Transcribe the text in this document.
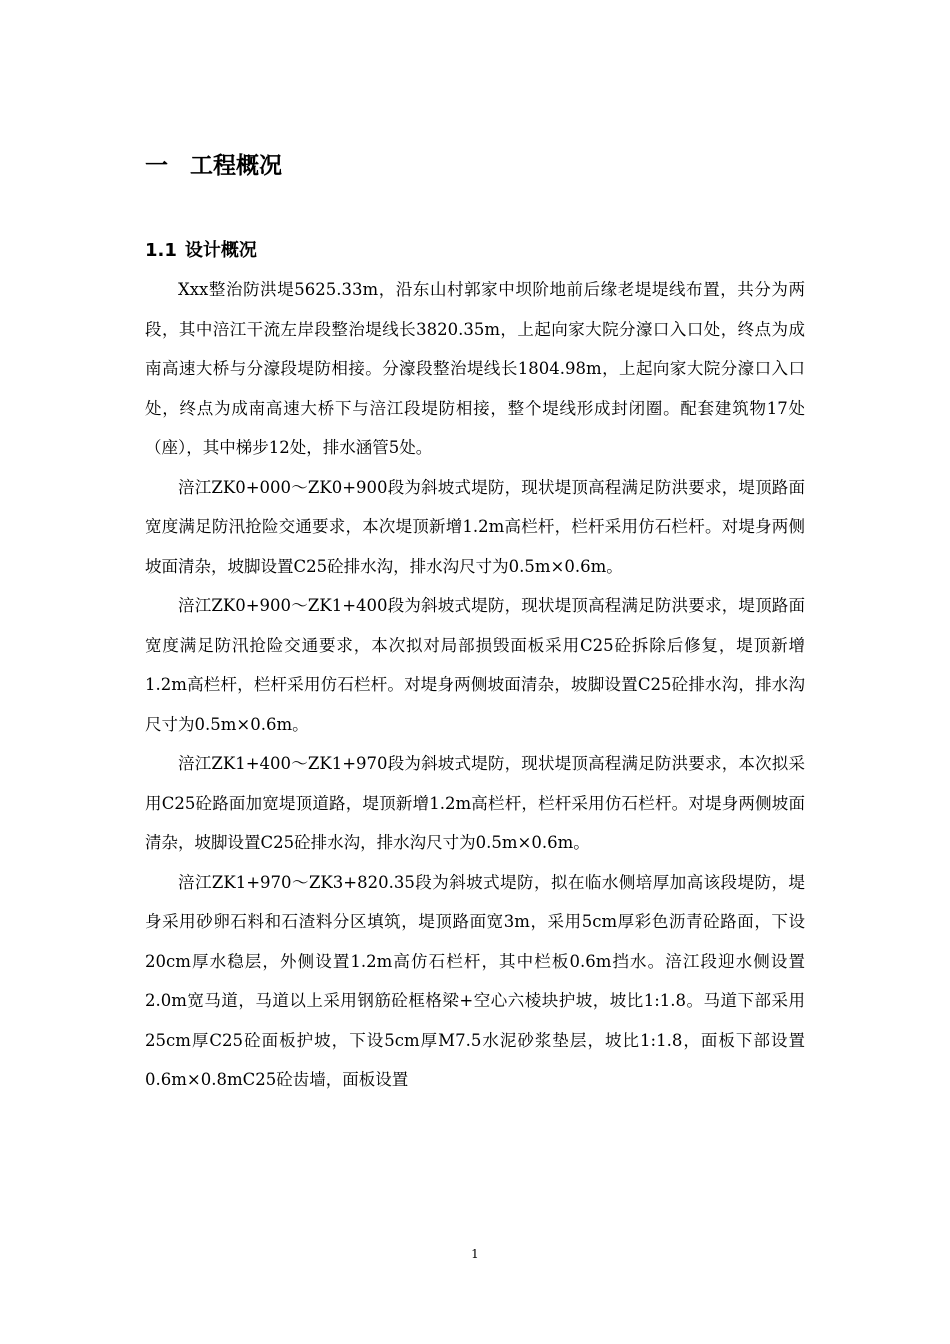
一 工程概况
1.1 设计概况

Xxx整治防洪堤5625.33m，沿东山村郭家中坝阶地前后缘老堤堤线布置，共分为两段，其中涪江干流左岸段整治堤线长3820.35m，上起向家大院分濠口入口处，终点为成南高速大桥与分濠段堤防相接。分濠段整治堤线长1804.98m，上起向家大院分濠口入口处，终点为成南高速大桥下与涪江段堤防相接，整个堤线形成封闭圈。配套建筑物17处（座），其中梯步12处，排水涵管5处。

涪江ZK0+000～ZK0+900段为斜坡式堤防，现状堤顶高程满足防洪要求，堤顶路面宽度满足防汛抢险交通要求，本次堤顶新增1.2m高栏杆，栏杆采用仿石栏杆。对堤身两侧坡面清杂，坡脚设置C25砼排水沟，排水沟尺寸为0.5m×0.6m。

涪江ZK0+900～ZK1+400段为斜坡式堤防，现状堤顶高程满足防洪要求，堤顶路面宽度满足防汛抢险交通要求，本次拟对局部损毁面板采用C25砼拆除后修复，堤顶新增1.2m高栏杆，栏杆采用仿石栏杆。对堤身两侧坡面清杂，坡脚设置C25砼排水沟，排水沟尺寸为0.5m×0.6m。

涪江ZK1+400～ZK1+970段为斜坡式堤防，现状堤顶高程满足防洪要求，本次拟采用C25砼路面加宽堤顶道路，堤顶新增1.2m高栏杆，栏杆采用仿石栏杆。对堤身两侧坡面清杂，坡脚设置C25砼排水沟，排水沟尺寸为0.5m×0.6m。

涪江ZK1+970～ZK3+820.35段为斜坡式堤防，拟在临水侧培厚加高该段堤防，堤身采用砂卵石料和石渣料分区填筑，堤顶路面宽3m，采用5cm厚彩色沥青砼路面，下设20cm厚水稳层，外侧设置1.2m高仿石栏杆，其中栏板0.6m挡水。涪江段迎水侧设置2.0m宽马道，马道以上采用钢筋砼框格梁+空心六棱块护坡，坡比1:1.8。马道下部采用25cm厚C25砼面板护坡，下设5cm厚M7.5水泥砂浆垫层，坡比1:1.8，面板下部设置0.6m×0.8mC25砼齿墙，面板设置

1
